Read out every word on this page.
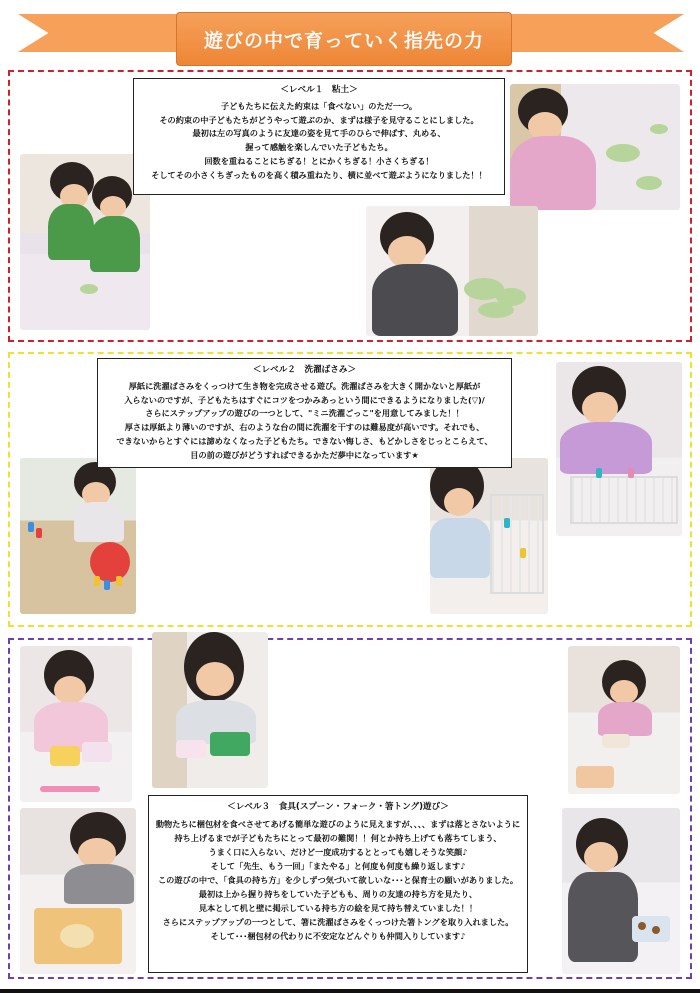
遊びの中で育っていく指先の力
＜レベル１　粘土＞
子どもたちに伝えた約束は「食べない」のただ一つ。
その約束の中子どもたちがどうやって遊ぶのか、まずは様子を見守ることにしました。
最初は左の写真のように友達の姿を見て手のひらで伸ばす、丸める、
握って感触を楽しんでいた子どもたち。
回数を重ねることにちぎる！とにかくちぎる！小さくちぎる！
そしてその小さくちぎったものを高く積み重ねたり、横に並べて遊ぶようになりました！！
＜レベル２　洗濯ばさみ＞
厚紙に洗濯ばさみをくっつけて生き物を完成させる遊び。洗濯ばさみを大きく開かないと厚紙が
入らないのですが、子どもたちはすぐにコツをつかみあっという間にできるようになりました(▽)/
さらにステップアップの遊びの一つとして、"ミニ洗濯ごっこ"を用意してみました！！
厚さは厚紙より薄いのですが、右のような台の間に洗濯を干すのは難易度が高いです。それでも、
できないからとすぐには諦めなくなった子どもたち。できない悔しさ、もどかしさをじっとこらえて、
目の前の遊びがどうすればできるかただ夢中になっています★
＜レベル３　食具(スプーン・フォーク・箸トング)遊び＞
動物たちに梱包材を食べさせてあげる簡単な遊びのように見えますが、、、、まずは落とさないように
持ち上げるまでが子どもたちにとって最初の難関！！何とか持ち上げても落ちてしまう、
うまく口に入らない、だけど一度成功するととっても嬉しそうな笑顔♪
そして「先生、もう一回」「またやる」と何度も何度も繰り返します♪
この遊びの中で、「食具の持ち方」を少しずつ気づいて欲しいな･･･と保育士の願いがありました。
最初は上から握り持ちをしていた子どもも、周りの友達の持ち方を見たり、
見本として机と壁に掲示している持ち方の絵を見て持ち替えていました！！
さらにステップアップの一つとして、箸に洗濯ばさみをくっつけた箸トングを取り入れました。
そして･･･梱包材の代わりに不安定などんぐりも仲間入りしています♪
